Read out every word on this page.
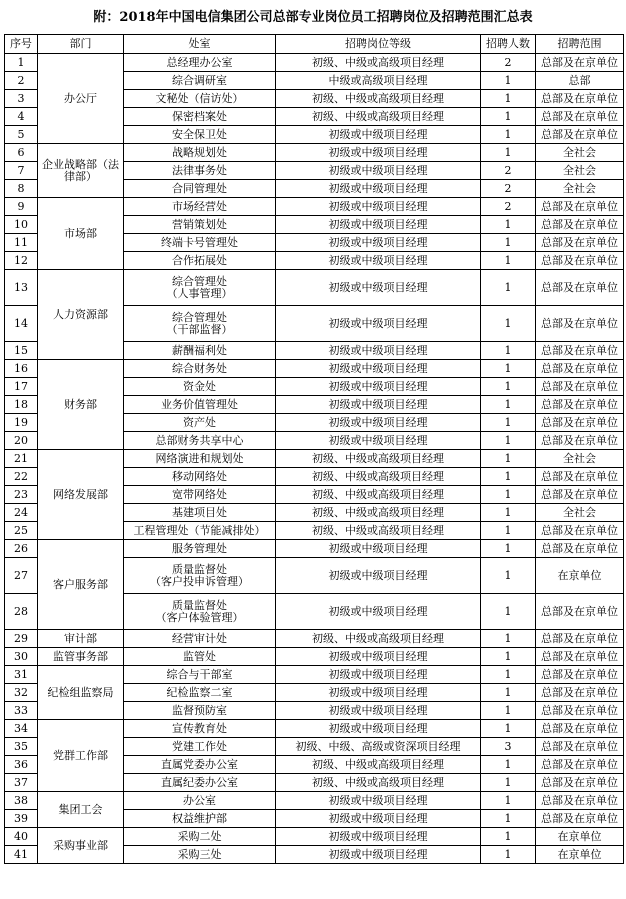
附：2018年中国电信集团公司总部专业岗位员工招聘岗位及招聘范围汇总表
序号	部门	处室	招聘岗位等级	招聘人数	招聘范围
1	办公厅	总经理办公室	初级、中级或高级项目经理	2	总部及在京单位
2		综合调研室	中级或高级项目经理	1	总部
3		文秘处（信访处）	初级、中级或高级项目经理	1	总部及在京单位
4		保密档案处	初级、中级或高级项目经理	1	总部及在京单位
5		安全保卫处	初级或中级项目经理	1	总部及在京单位
6	企业战略部（法律部）	战略规划处	初级或中级项目经理	1	全社会
7		法律事务处	初级或中级项目经理	2	全社会
8		合同管理处	初级或中级项目经理	2	全社会
9	市场部	市场经营处	初级或中级项目经理	2	总部及在京单位
10		营销策划处	初级或中级项目经理	1	总部及在京单位
11		终端卡号管理处	初级或中级项目经理	1	总部及在京单位
12		合作拓展处	初级或中级项目经理	1	总部及在京单位
13	人力资源部	综合管理处
（人事管理）	初级或中级项目经理	1	总部及在京单位
14		综合管理处
（干部监督）	初级或中级项目经理	1	总部及在京单位
15		薪酬福利处	初级或中级项目经理	1	总部及在京单位
16	财务部	综合财务处	初级或中级项目经理	1	总部及在京单位
17		资金处	初级或中级项目经理	1	总部及在京单位
18		业务价值管理处	初级或中级项目经理	1	总部及在京单位
19		资产处	初级或中级项目经理	1	总部及在京单位
20		总部财务共享中心	初级或中级项目经理	1	总部及在京单位
21	网络发展部	网络演进和规划处	初级、中级或高级项目经理	1	全社会
22		移动网络处	初级、中级或高级项目经理	1	总部及在京单位
23		宽带网络处	初级、中级或高级项目经理	1	总部及在京单位
24		基建项目处	初级、中级或高级项目经理	1	全社会
25		工程管理处（节能减排处）	初级、中级或高级项目经理	1	总部及在京单位
26	客户服务部	服务管理处	初级或中级项目经理	1	总部及在京单位
27		质量监督处
（客户投申诉管理）	初级或中级项目经理	1	在京单位
28		质量监督处
（客户体验管理）	初级或中级项目经理	1	总部及在京单位
29	审计部	经营审计处	初级、中级或高级项目经理	1	总部及在京单位
30	监管事务部	监管处	初级或中级项目经理	1	总部及在京单位
31	纪检组监察局	综合与干部室	初级或中级项目经理	1	总部及在京单位
32		纪检监察二室	初级或中级项目经理	1	总部及在京单位
33		监督预防室	初级或中级项目经理	1	总部及在京单位
34	党群工作部	宣传教育处	初级或中级项目经理	1	总部及在京单位
35		党建工作处	初级、中级、高级或资深项目经理	3	总部及在京单位
36		直属党委办公室	初级、中级或高级项目经理	1	总部及在京单位
37		直属纪委办公室	初级、中级或高级项目经理	1	总部及在京单位
38	集团工会	办公室	初级或中级项目经理	1	总部及在京单位
39		权益维护部	初级或中级项目经理	1	总部及在京单位
40	采购事业部	采购二处	初级或中级项目经理	1	在京单位
41		采购三处	初级或中级项目经理	1	在京单位
